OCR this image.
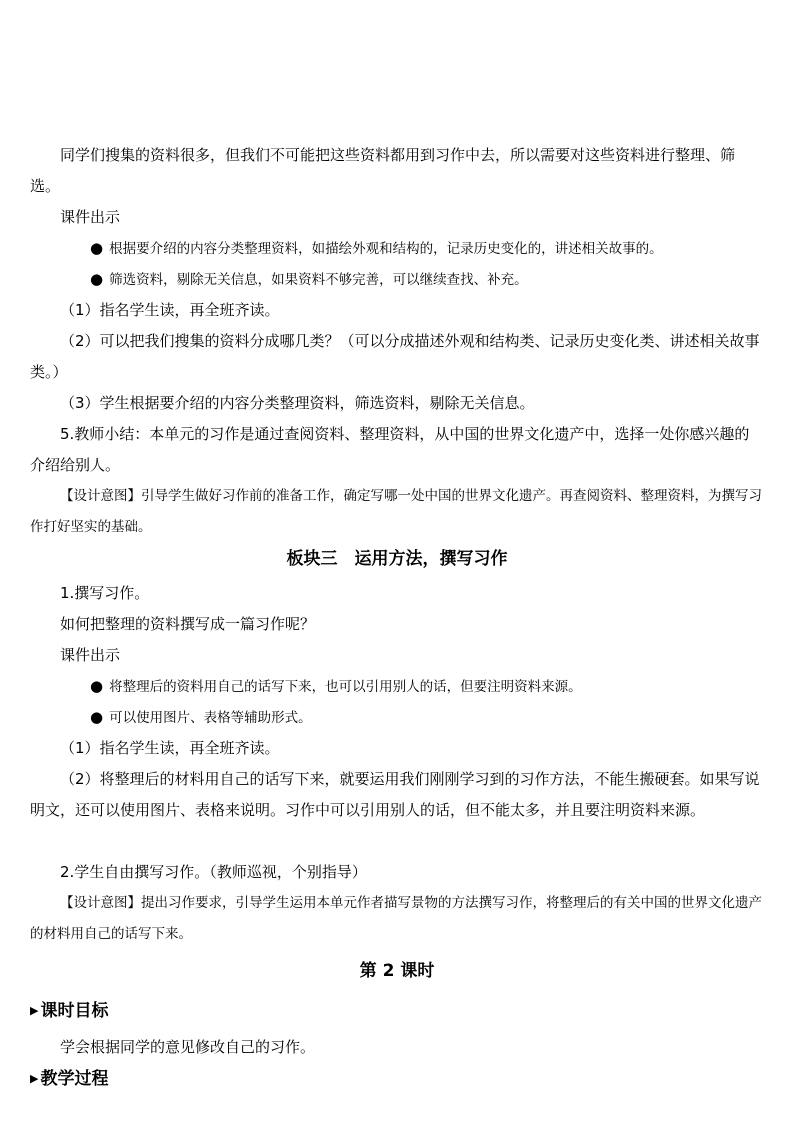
同学们搜集的资料很多，但我们不可能把这些资料都用到习作中去，所以需要对这些资料进行整理、筛选。
课件出示
● 根据要介绍的内容分类整理资料，如描绘外观和结构的，记录历史变化的，讲述相关故事的。
● 筛选资料，剔除无关信息，如果资料不够完善，可以继续查找、补充。
（1）指名学生读，再全班齐读。
（2）可以把我们搜集的资料分成哪几类？（可以分成描述外观和结构类、记录历史变化类、讲述相关故事类。）
（3）学生根据要介绍的内容分类整理资料，筛选资料，剔除无关信息。
5.教师小结：本单元的习作是通过查阅资料、整理资料，从中国的世界文化遗产中，选择一处你感兴趣的介绍给别人。
【设计意图】引导学生做好习作前的准备工作，确定写哪一处中国的世界文化遗产。再查阅资料、整理资料，为撰写习作打好坚实的基础。
板块三　运用方法，撰写习作
1.撰写习作。
如何把整理的资料撰写成一篇习作呢？
课件出示
● 将整理后的资料用自己的话写下来，也可以引用别人的话，但要注明资料来源。
● 可以使用图片、表格等辅助形式。
（1）指名学生读，再全班齐读。
（2）将整理后的材料用自己的话写下来，就要运用我们刚刚学习到的习作方法，不能生搬硬套。如果写说明文，还可以使用图片、表格来说明。习作中可以引用别人的话，但不能太多，并且要注明资料来源。
2.学生自由撰写习作。（教师巡视，个别指导）
【设计意图】提出习作要求，引导学生运用本单元作者描写景物的方法撰写习作，将整理后的有关中国的世界文化遗产的材料用自己的话写下来。
第 2 课时
▶ 课时目标
学会根据同学的意见修改自己的习作。
▶ 教学过程
